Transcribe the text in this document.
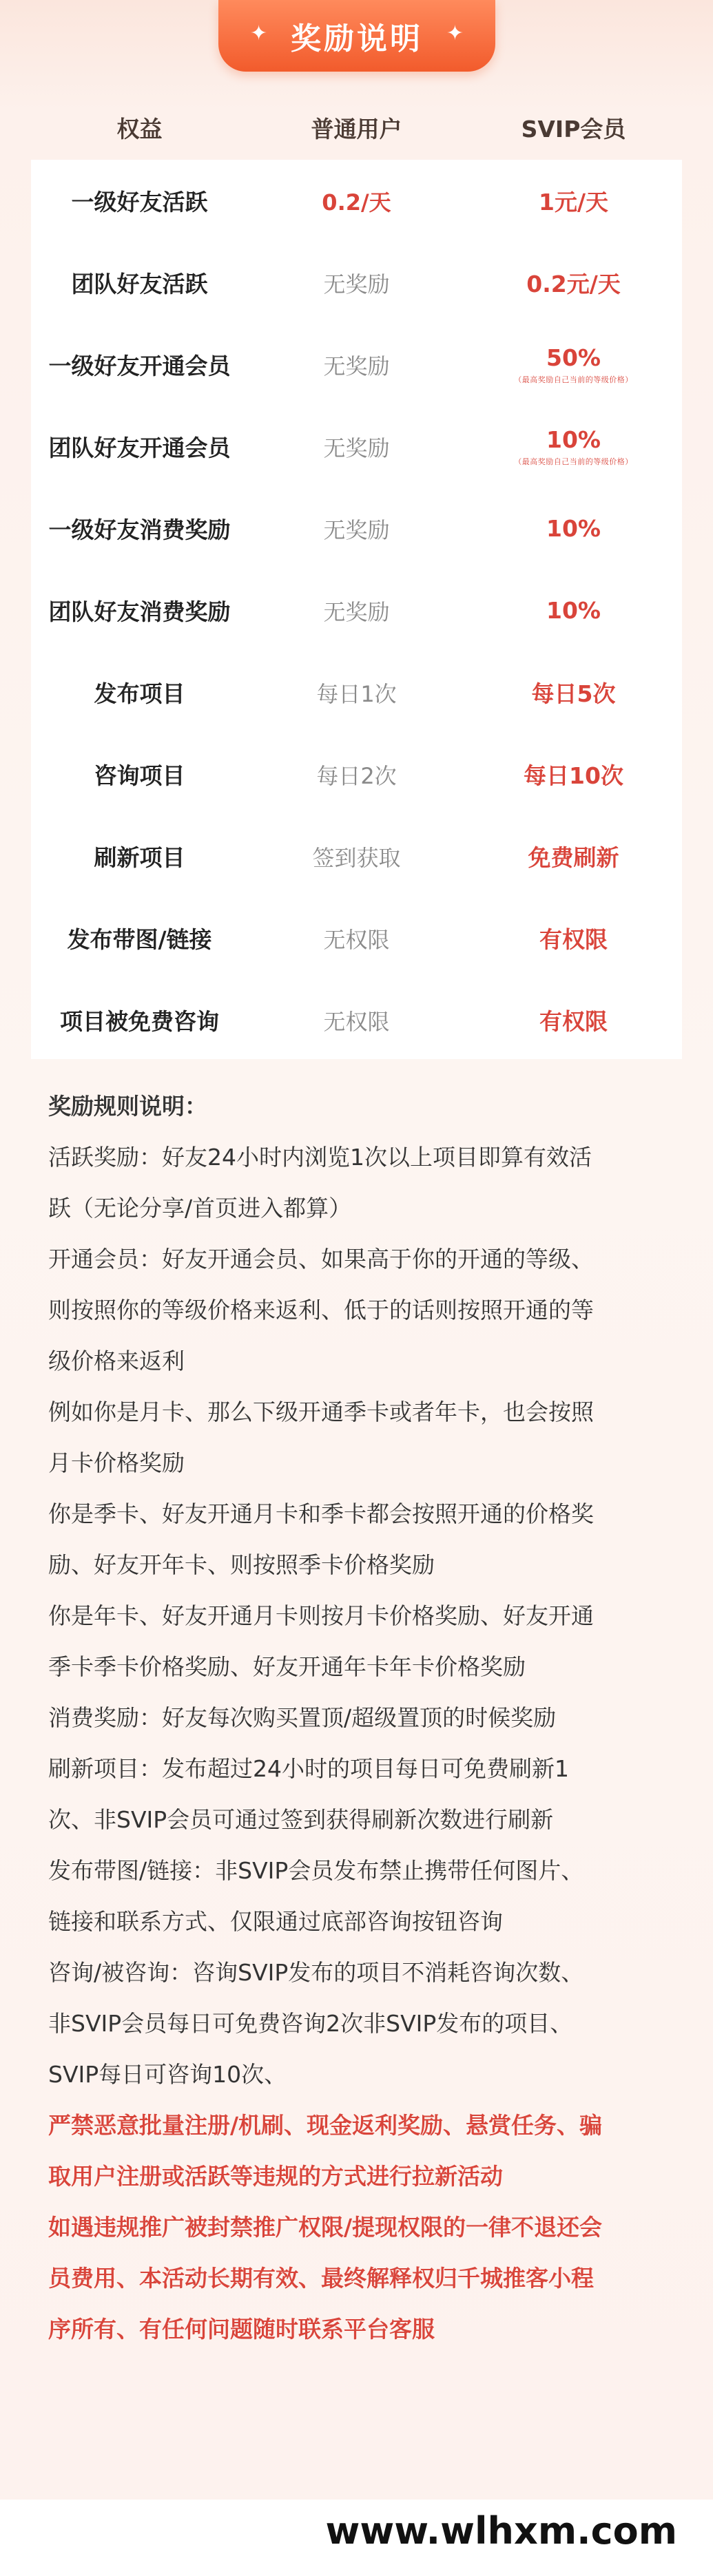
✦ 奖励说明 ✦
权益	普通用户	SVIP会员
一级好友活跃	0.2/天	1元/天
团队好友活跃	无奖励	0.2元/天
一级好友开通会员	无奖励	50%
（最高奖励自己当前的等级价格）
团队好友开通会员	无奖励	10%
（最高奖励自己当前的等级价格）
一级好友消费奖励	无奖励	10%
团队好友消费奖励	无奖励	10%
发布项目	每日1次	每日5次
咨询项目	每日2次	每日10次
刷新项目	签到获取	免费刷新
发布带图/链接	无权限	有权限
项目被免费咨询	无权限	有权限
奖励规则说明：
活跃奖励：好友24小时内浏览1次以上项目即算有效活
跃（无论分享/首页进入都算）
开通会员：好友开通会员、如果高于你的开通的等级、
则按照你的等级价格来返利、低于的话则按照开通的等
级价格来返利
例如你是月卡、那么下级开通季卡或者年卡，也会按照
月卡价格奖励
你是季卡、好友开通月卡和季卡都会按照开通的价格奖
励、好友开年卡、则按照季卡价格奖励
你是年卡、好友开通月卡则按月卡价格奖励、好友开通
季卡季卡价格奖励、好友开通年卡年卡价格奖励
消费奖励：好友每次购买置顶/超级置顶的时候奖励
刷新项目：发布超过24小时的项目每日可免费刷新1
次、非SVIP会员可通过签到获得刷新次数进行刷新
发布带图/链接：非SVIP会员发布禁止携带任何图片、
链接和联系方式、仅限通过底部咨询按钮咨询
咨询/被咨询：咨询SVIP发布的项目不消耗咨询次数、
非SVIP会员每日可免费咨询2次非SVIP发布的项目、
SVIP每日可咨询10次、
严禁恶意批量注册/机刷、现金返利奖励、悬赏任务、骗
取用户注册或活跃等违规的方式进行拉新活动
如遇违规推广被封禁推广权限/提现权限的一律不退还会
员费用、本活动长期有效、最终解释权归千城推客小程
序所有、有任何问题随时联系平台客服
www.wlhxm.com
